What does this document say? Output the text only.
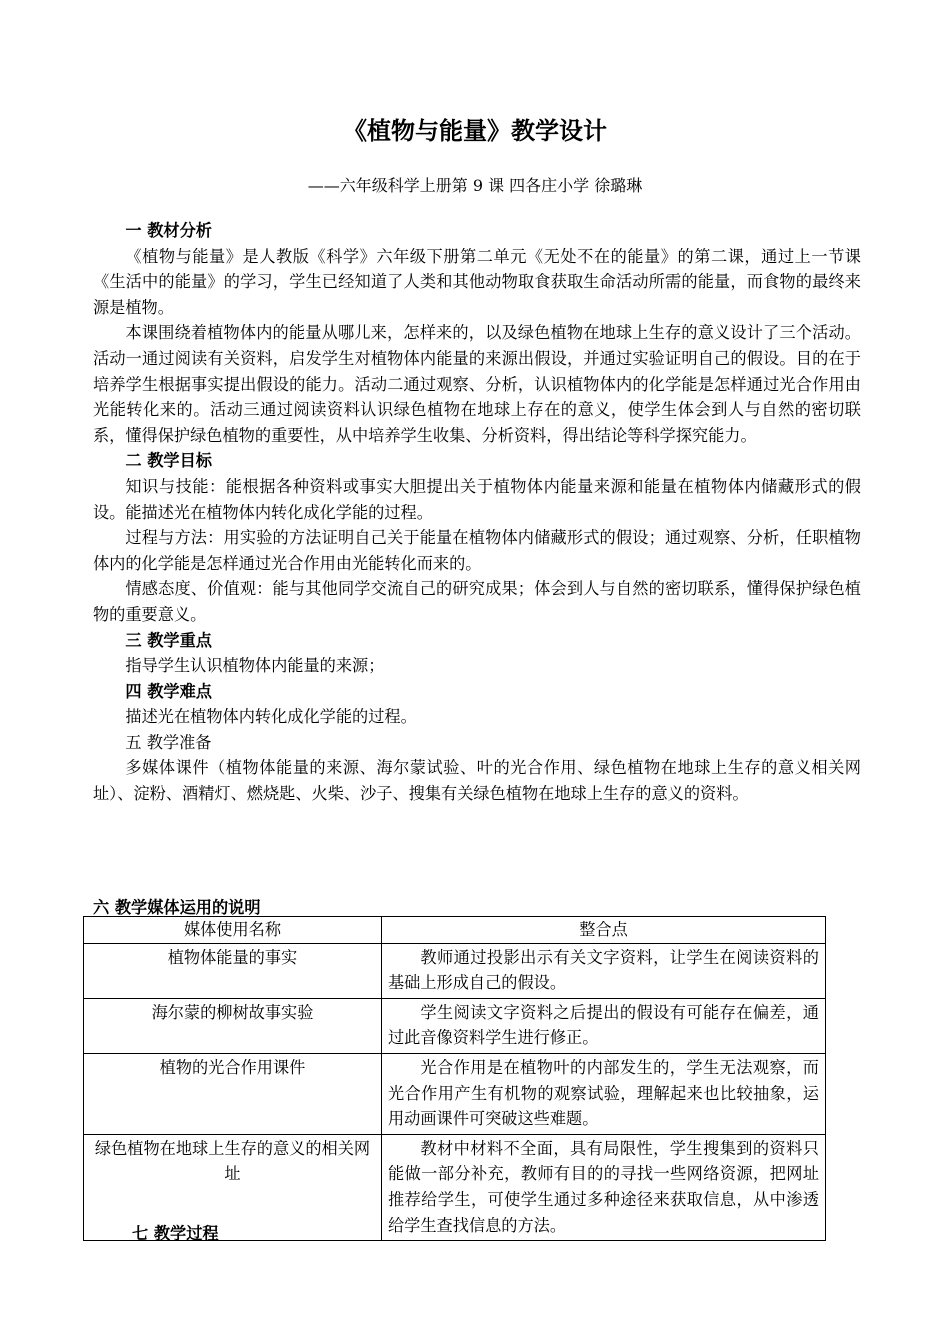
《植物与能量》教学设计
——六年级科学上册第 9 课 四各庄小学 徐璐琳
一 教材分析

《植物与能量》是人教版《科学》六年级下册第二单元《无处不在的能量》的第二课，通过上一节课《生活中的能量》的学习，学生已经知道了人类和其他动物取食获取生命活动所需的能量，而食物的最终来源是植物。

本课围绕着植物体内的能量从哪儿来，怎样来的，以及绿色植物在地球上生存的意义设计了三个活动。活动一通过阅读有关资料，启发学生对植物体内能量的来源出假设，并通过实验证明自己的假设。目的在于培养学生根据事实提出假设的能力。活动二通过观察、分析，认识植物体内的化学能是怎样通过光合作用由光能转化来的。活动三通过阅读资料认识绿色植物在地球上存在的意义，使学生体会到人与自然的密切联系，懂得保护绿色植物的重要性，从中培养学生收集、分析资料，得出结论等科学探究能力。

二 教学目标

知识与技能：能根据各种资料或事实大胆提出关于植物体内能量来源和能量在植物体内储藏形式的假设。能描述光在植物体内转化成化学能的过程。

过程与方法：用实验的方法证明自己关于能量在植物体内储藏形式的假设；通过观察、分析，任职植物体内的化学能是怎样通过光合作用由光能转化而来的。

情感态度、价值观：能与其他同学交流自己的研究成果；体会到人与自然的密切联系，懂得保护绿色植物的重要意义。

三 教学重点

指导学生认识植物体内能量的来源；

四 教学难点

描述光在植物体内转化成化学能的过程。

五 教学准备

多媒体课件（植物体能量的来源、海尔蒙试验、叶的光合作用、绿色植物在地球上生存的意义相关网址）、淀粉、酒精灯、燃烧匙、火柴、沙子、搜集有关绿色植物在地球上生存的意义的资料。

六 教学媒体运用的说明
媒体使用名称	整合点
植物体能量的事实	教师通过投影出示有关文字资料，让学生在阅读资料的基础上形成自己的假设。
海尔蒙的柳树故事实验	学生阅读文字资料之后提出的假设有可能存在偏差，通过此音像资料学生进行修正。
植物的光合作用课件	光合作用是在植物叶的内部发生的，学生无法观察，而光合作用产生有机物的观察试验，理解起来也比较抽象，运用动画课件可突破这些难题。
绿色植物在地球上生存的意义的相关网址	教材中材料不全面，具有局限性，学生搜集到的资料只能做一部分补充，教师有目的的寻找一些网络资源，把网址推荐给学生，可使学生通过多种途径来获取信息，从中渗透给学生查找信息的方法。
七 教学过程
